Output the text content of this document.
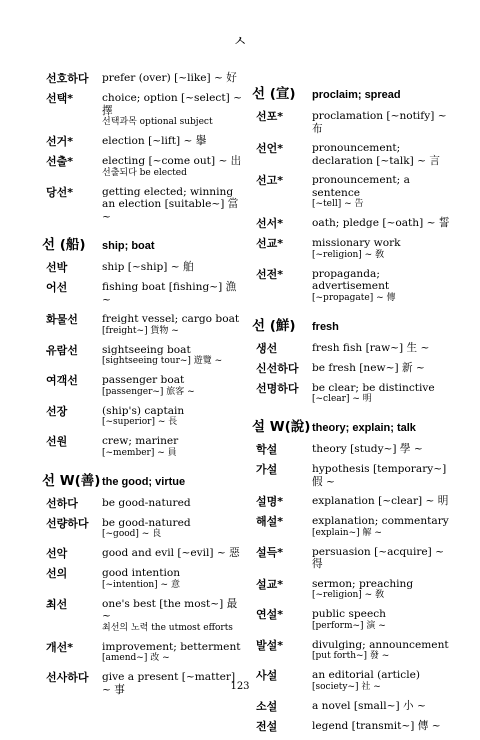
ㅅ
선호하다	prefer (over) [~like] ~ 好
선택*	choice; option [~select] ~ 擇
선택과목 optional subject
선거*	election [~lift] ~ 擧
선출*	electing [~come out] ~ 出
선출되다 be elected
당선*	getting elected; winning an election [suitable~] 當 ~
선 (船)	ship; boat
선박	ship [~ship] ~ 舶
어선	fishing boat [fishing~] 漁 ~
화물선	freight vessel; cargo boat
[freight~] 貨物 ~
유람선	sightseeing boat
[sightseeing tour~] 遊覽 ~
여객선	passenger boat
[passenger~] 旅客 ~
선장	(ship's) captain
[~superior] ~ 長
선원	crew; mariner
[~member] ~ 員
선 W(善) the good; virtue
선하다	be good-natured
선량하다	be good-natured
[~good] ~ 良
선악	good and evil [~evil] ~ 惡
선의	good intention
[~intention] ~ 意
최선	one's best [the most~] 最 ~
최선의 노력 the utmost efforts
개선*	improvement; betterment
[amend~] 改 ~
선사하다	give a present [~matter] ~ 事
선 (宣)	proclaim; spread
선포*	proclamation [~notify] ~ 布
선언*	pronouncement; declaration [~talk] ~ 言
선고*	pronouncement; a sentence
[~tell] ~ 告
선서*	oath; pledge [~oath] ~ 誓
선교*	missionary work
[~religion] ~ 敎
선전*	propaganda; advertisement
[~propagate] ~ 傳
선 (鮮)	fresh
생선	fresh fish [raw~] 生 ~
신선하다	be fresh [new~] 新 ~
선명하다	be clear; be distinctive
[~clear] ~ 明
설 W(說) theory; explain; talk
학설	theory [study~] 學 ~
가설	hypothesis [temporary~] 假 ~
설명*	explanation [~clear] ~ 明
해설*	explanation; commentary
[explain~] 解 ~
설득*	persuasion [~acquire] ~ 得
설교*	sermon; preaching
[~religion] ~ 敎
연설*	public speech
[perform~] 演 ~
발설*	divulging; announcement
[put forth~] 發 ~
사설	an editorial (article)
[society~] 社 ~
소설	a novel [small~] 小 ~
전설	legend [transmit~] 傳 ~
123
